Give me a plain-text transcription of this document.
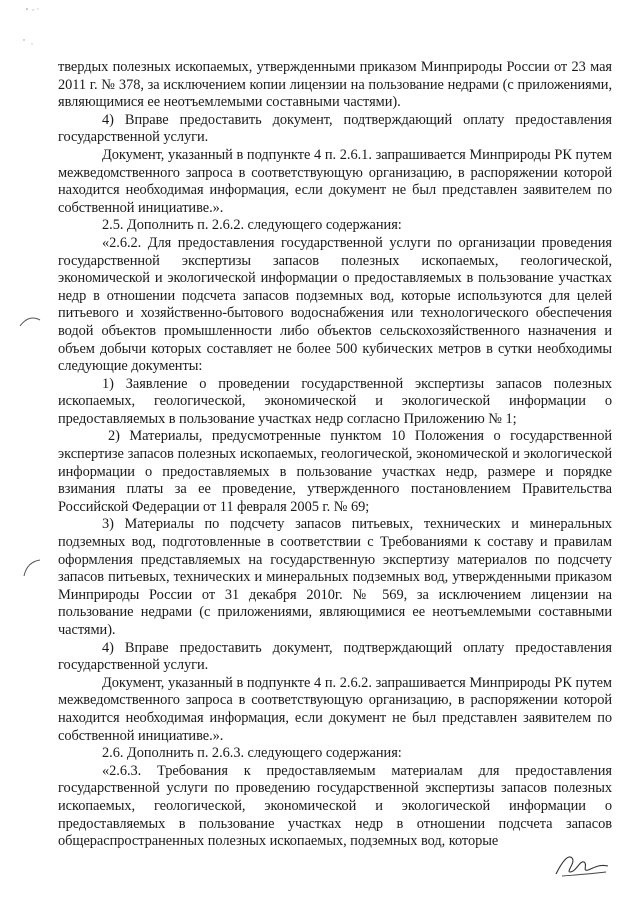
твердых полезных ископаемых, утвержденными приказом Минприроды России от 23 мая 2011 г. № 378, за исключением копии лицензии на пользование недрами (с приложениями, являющимися ее неотъемлемыми составными частями).

4) Вправе предоставить документ, подтверждающий оплату предоставления государственной услуги.

Документ, указанный в подпункте 4 п. 2.6.1. запрашивается Минприроды РК путем межведомственного запроса в соответствующую организацию, в распоряжении которой находится необходимая информация, если документ не был представлен заявителем по собственной инициативе.».

2.5. Дополнить п. 2.6.2. следующего содержания:

«2.6.2. Для предоставления государственной услуги по организации проведения государственной экспертизы запасов полезных ископаемых, геологической, экономической и экологической информации о предоставляемых в пользование участках недр в отношении подсчета запасов подземных вод, которые используются для целей питьевого и хозяйственно-бытового водоснабжения или технологического обеспечения водой объектов промышленности либо объектов сельскохозяйственного назначения и объем добычи которых составляет не более 500 кубических метров в сутки необходимы следующие документы:

1) Заявление о проведении государственной экспертизы запасов полезных ископаемых, геологической, экономической и экологической информации о предоставляемых в пользование участках недр согласно Приложению № 1;

2) Материалы, предусмотренные пунктом 10 Положения о государственной экспертизе запасов полезных ископаемых, геологической, экономической и экологической информации о предоставляемых в пользование участках недр, размере и порядке взимания платы за ее проведение, утвержденного постановлением Правительства Российской Федерации от 11 февраля 2005 г. № 69;

3) Материалы по подсчету запасов питьевых, технических и минеральных подземных вод, подготовленные в соответствии с Требованиями к составу и правилам оформления представляемых на государственную экспертизу материалов по подсчету запасов питьевых, технических и минеральных подземных вод, утвержденными приказом Минприроды России от 31 декабря 2010г. № 569, за исключением лицензии на пользование недрами (с приложениями, являющимися ее неотъемлемыми составными частями).

4) Вправе предоставить документ, подтверждающий оплату предоставления государственной услуги.

Документ, указанный в подпункте 4 п. 2.6.2. запрашивается Минприроды РК путем межведомственного запроса в соответствующую организацию, в распоряжении которой находится необходимая информация, если документ не был представлен заявителем по собственной инициативе.».

2.6. Дополнить п. 2.6.3. следующего содержания:

«2.6.3. Требования к предоставляемым материалам для предоставления государственной услуги по проведению государственной экспертизы запасов полезных ископаемых, геологической, экономической и экологической информации о предоставляемых в пользование участках недр в отношении подсчета запасов общераспространенных полезных ископаемых, подземных вод, которые
